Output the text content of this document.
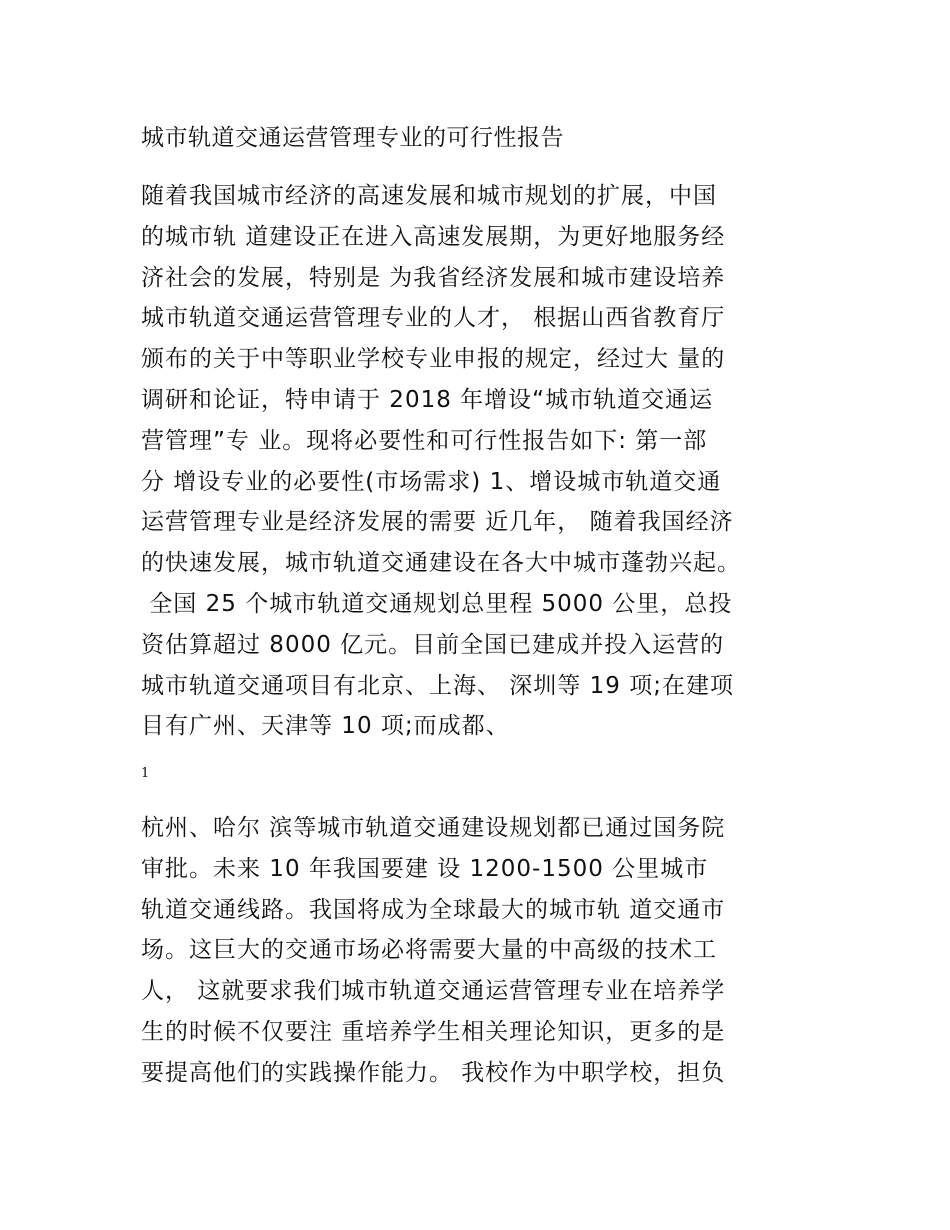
城市轨道交通运营管理专业的可行性报告
随着我国城市经济的高速发展和城市规划的扩展，中国
的城市轨 道建设正在进入高速发展期，为更好地服务经
济社会的发展，特别是 为我省经济发展和城市建设培养
城市轨道交通运营管理专业的人才， 根据山西省教育厅
颁布的关于中等职业学校专业申报的规定，经过大 量的
调研和论证，特申请于 2018 年增设“城市轨道交通运
营管理”专 业。现将必要性和可行性报告如下: 第一部
分 增设专业的必要性(市场需求) 1、增设城市轨道交通
运营管理专业是经济发展的需要 近几年， 随着我国经济
的快速发展，城市轨道交通建设在各大中城市蓬勃兴起。
全国 25 个城市轨道交通规划总里程 5000 公里，总投
资估算超过 8000 亿元。目前全国已建成并投入运营的
城市轨道交通项目有北京、上海、 深圳等 19 项;在建项
目有广州、天津等 10 项;而成都、
1
杭州、哈尔 滨等城市轨道交通建设规划都已通过国务院
审批。未来 10 年我国要建 设 1200-1500 公里城市
轨道交通线路。我国将成为全球最大的城市轨 道交通市
场。这巨大的交通市场必将需要大量的中高级的技术工
人， 这就要求我们城市轨道交通运营管理专业在培养学
生的时候不仅要注 重培养学生相关理论知识，更多的是
要提高他们的实践操作能力。 我校作为中职学校，担负
